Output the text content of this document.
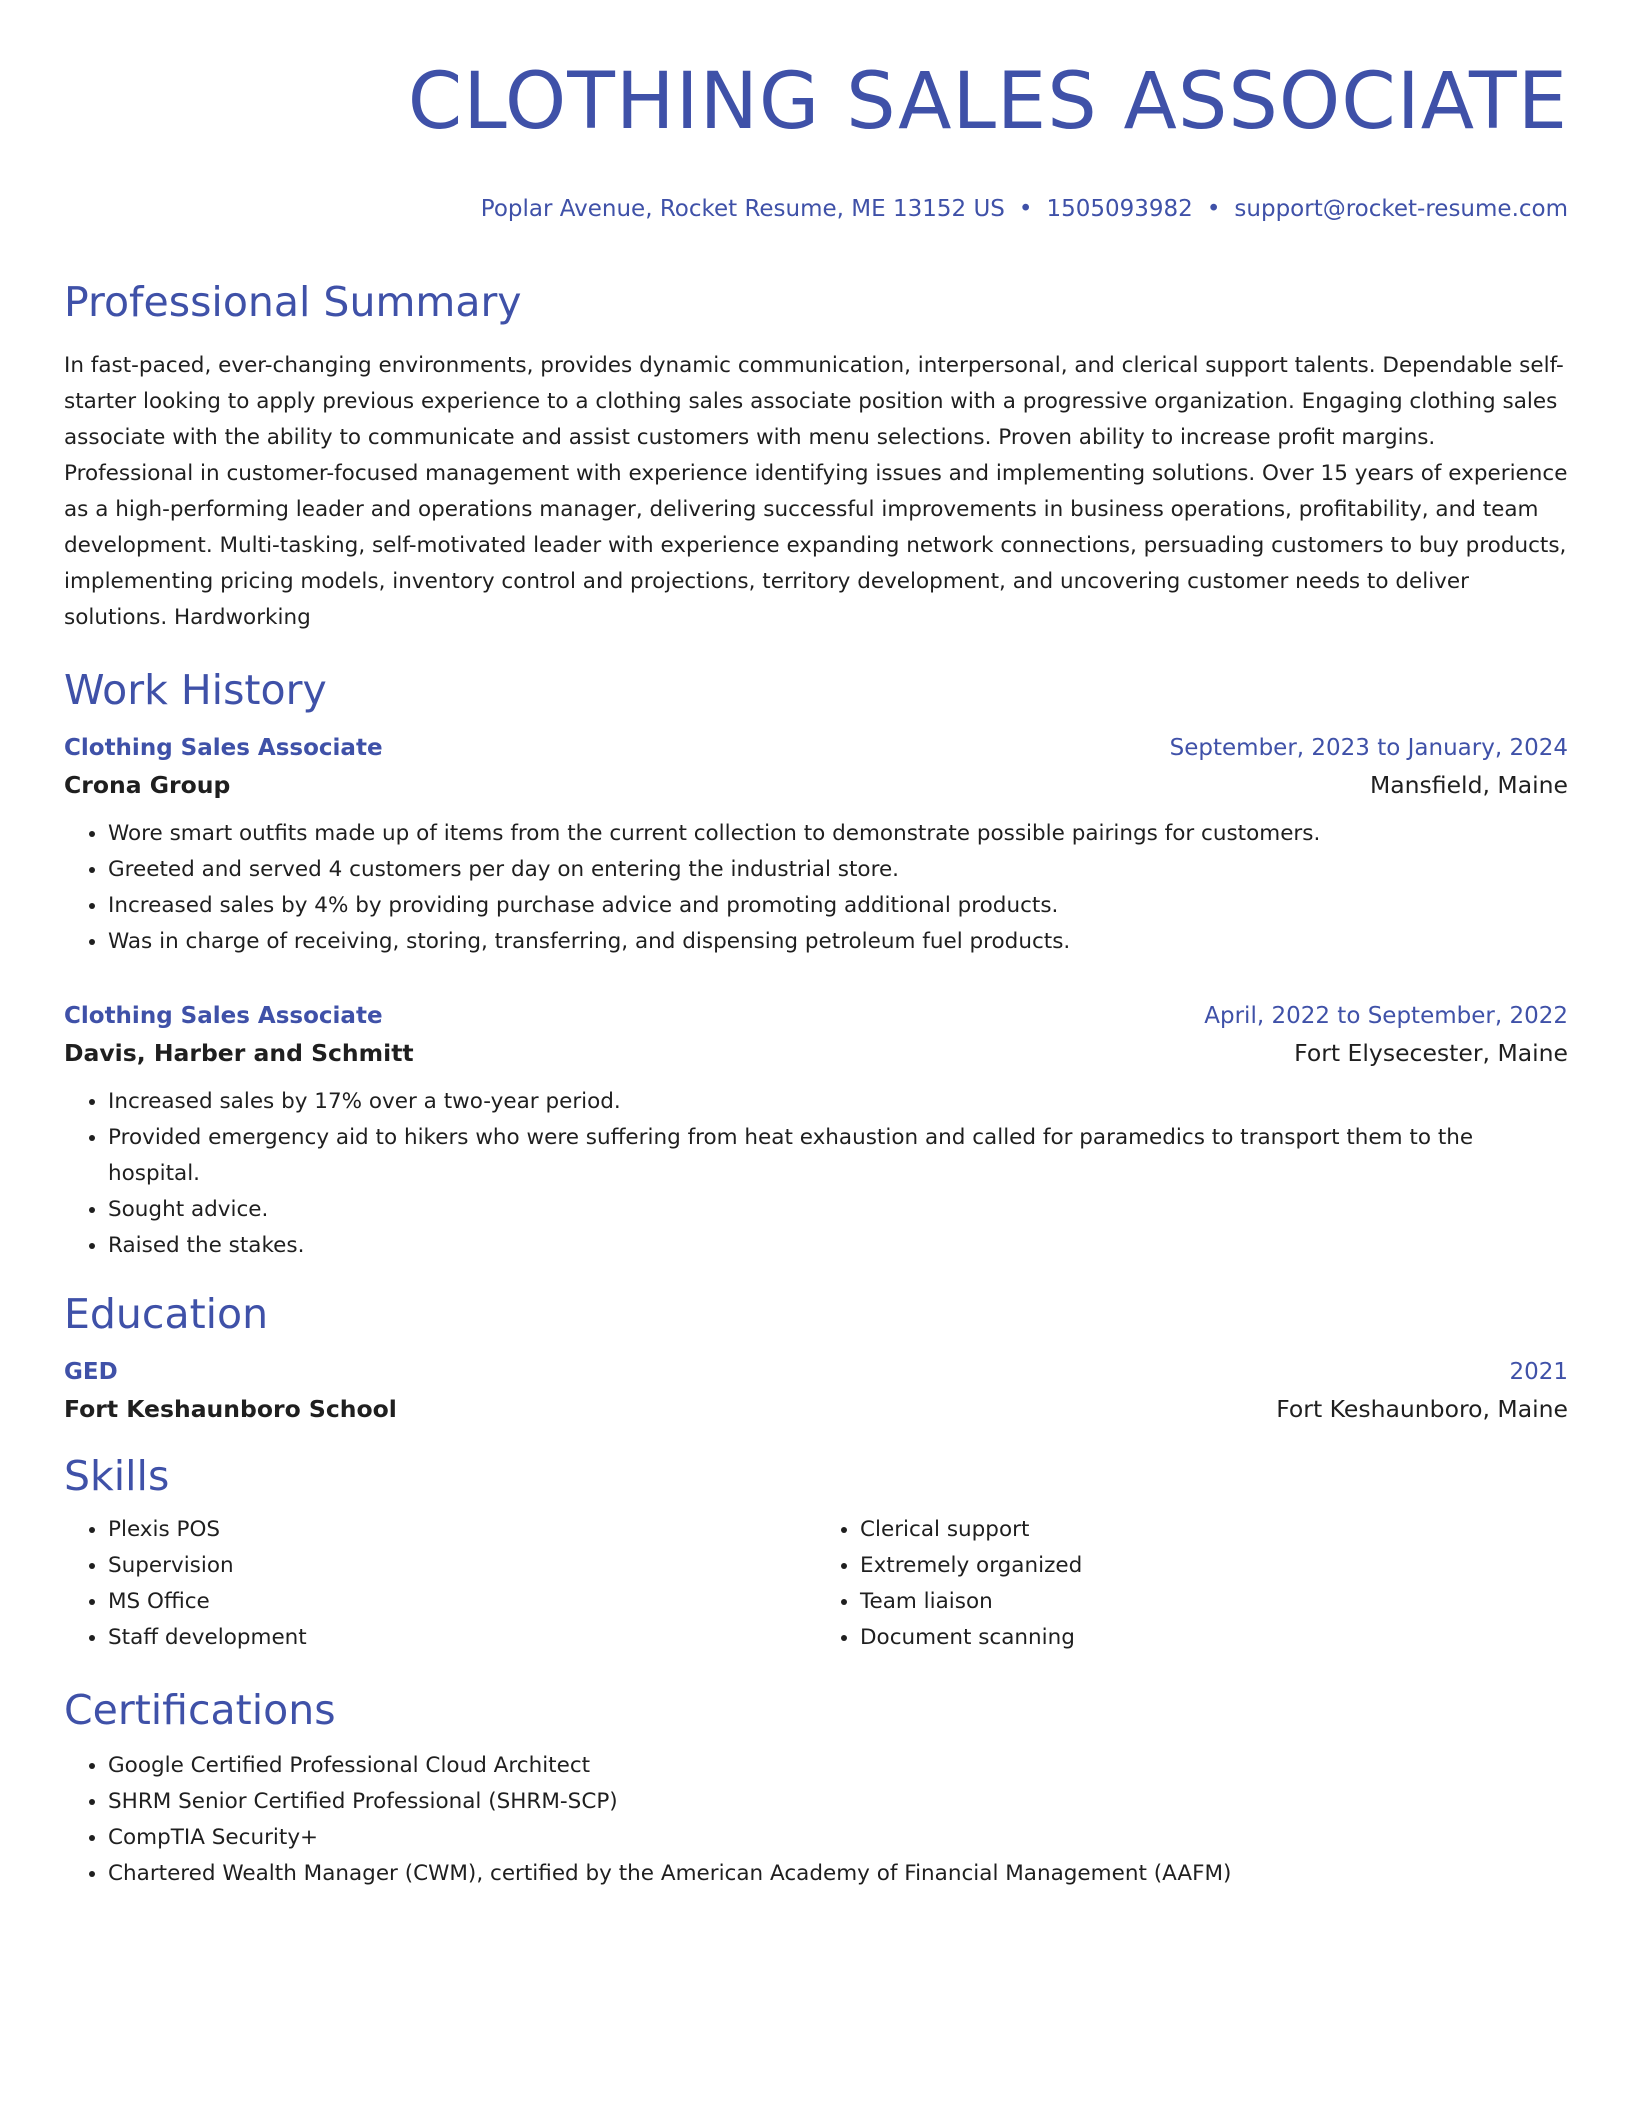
CLOTHING SALES ASSOCIATE
Poplar Avenue, Rocket Resume, ME 13152 US • 1505093982 • support@rocket-resume.com
Professional Summary
In fast-paced, ever-changing environments, provides dynamic communication, interpersonal, and clerical support talents. Dependable self-starter looking to apply previous experience to a clothing sales associate position with a progressive organization. Engaging clothing sales associate with the ability to communicate and assist customers with menu selections. Proven ability to increase profit margins. Professional in customer-focused management with experience identifying issues and implementing solutions. Over 15 years of experience as a high-performing leader and operations manager, delivering successful improvements in business operations, profitability, and team development. Multi-tasking, self-motivated leader with experience expanding network connections, persuading customers to buy products, implementing pricing models, inventory control and projections, territory development, and uncovering customer needs to deliver solutions. Hardworking
Work History
Clothing Sales Associate	September, 2023 to January, 2024
Crona Group	Mansfield, Maine
• Wore smart outfits made up of items from the current collection to demonstrate possible pairings for customers.
• Greeted and served 4 customers per day on entering the industrial store.
• Increased sales by 4% by providing purchase advice and promoting additional products.
• Was in charge of receiving, storing, transferring, and dispensing petroleum fuel products.
Clothing Sales Associate	April, 2022 to September, 2022
Davis, Harber and Schmitt	Fort Elysecester, Maine
• Increased sales by 17% over a two-year period.
• Provided emergency aid to hikers who were suffering from heat exhaustion and called for paramedics to transport them to the hospital.
• Sought advice.
• Raised the stakes.
Education
GED	2021
Fort Keshaunboro School	Fort Keshaunboro, Maine
Skills
• Plexis POS
• Supervision
• MS Office
• Staff development
• Clerical support
• Extremely organized
• Team liaison
• Document scanning
Certifications
• Google Certified Professional Cloud Architect
• SHRM Senior Certified Professional (SHRM-SCP)
• CompTIA Security+
• Chartered Wealth Manager (CWM), certified by the American Academy of Financial Management (AAFM)
